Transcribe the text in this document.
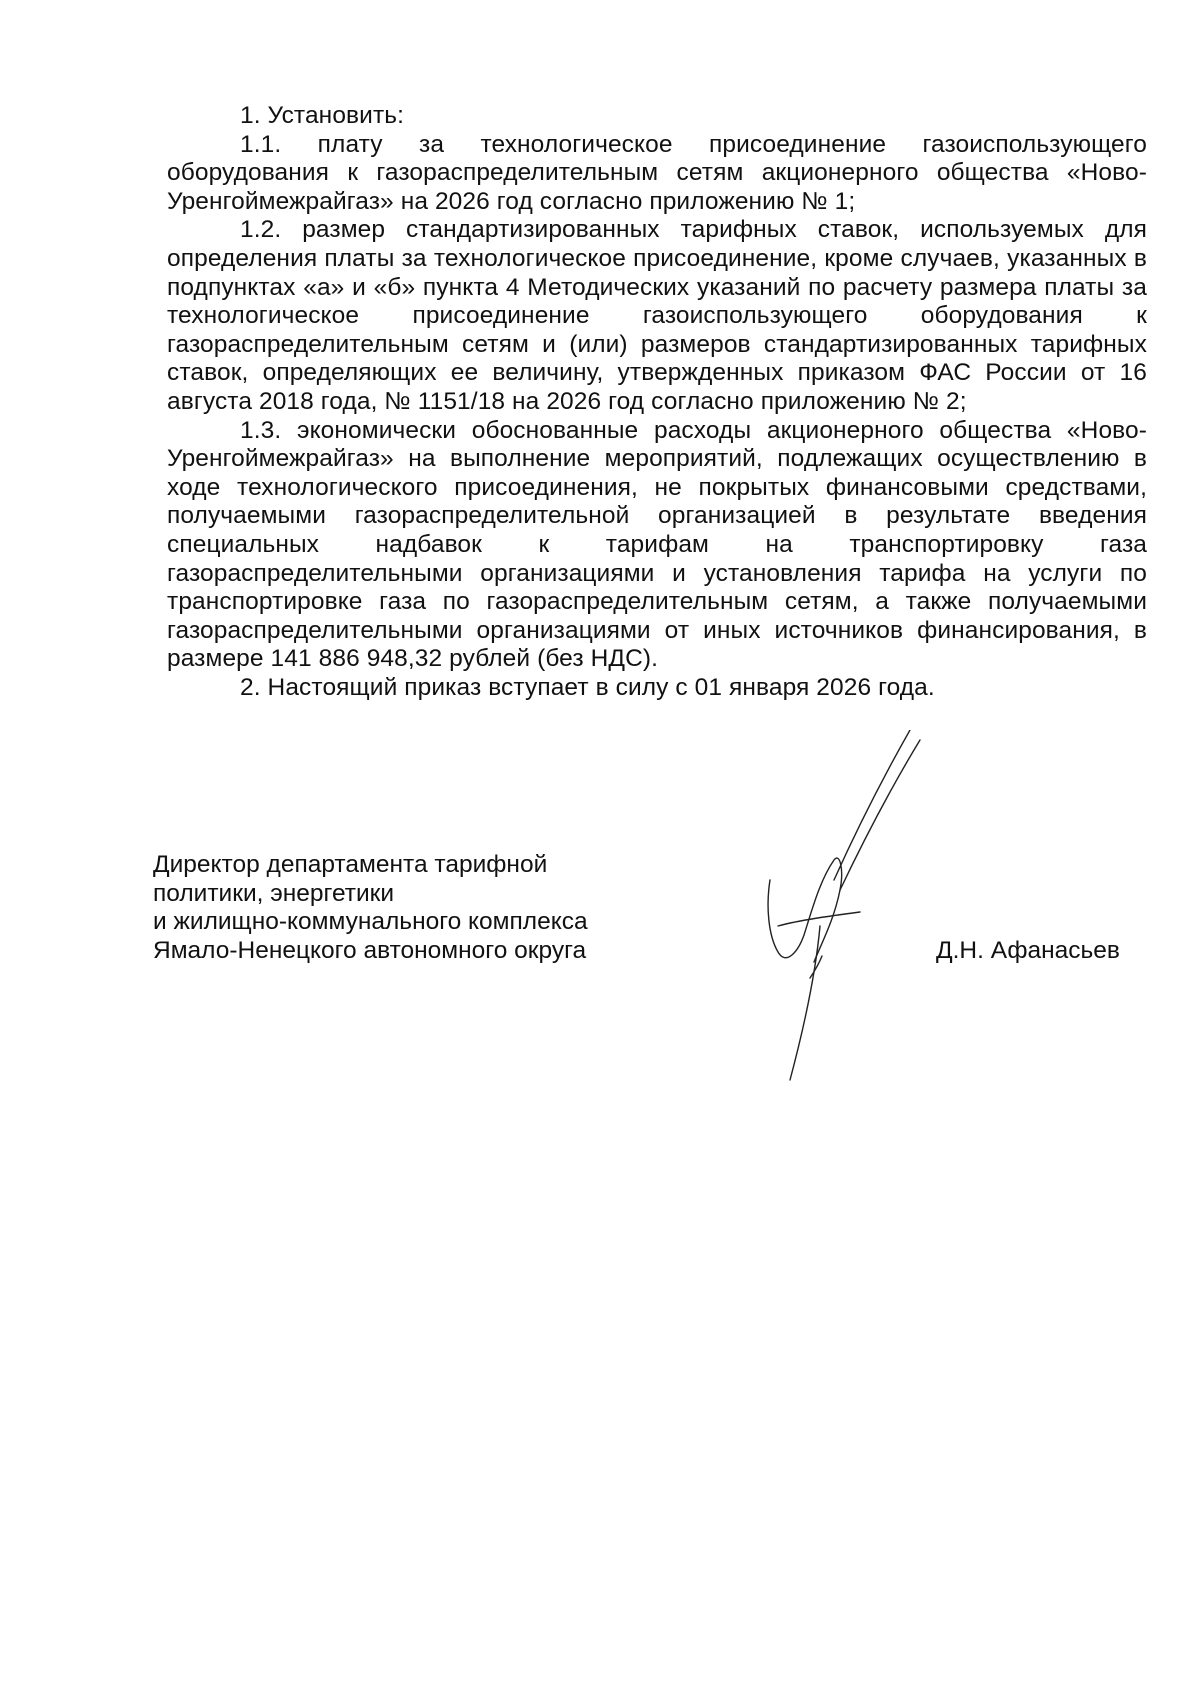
1. Установить:

1.1. плату за технологическое присоединение газоиспользующего оборудования к газораспределительным сетям акционерного общества «Ново-Уренгоймежрайгаз» на 2026 год согласно приложению № 1;

1.2. размер стандартизированных тарифных ставок, используемых для определения платы за технологическое присоединение, кроме случаев, указанных в подпунктах «а» и «б» пункта 4 Методических указаний по расчету размера платы за технологическое присоединение газоиспользующего оборудования к газораспределительным сетям и (или) размеров стандартизированных тарифных ставок, определяющих ее величину, утвержденных приказом ФАС России от 16 августа 2018 года, № 1151/18 на 2026 год согласно приложению № 2;

1.3. экономически обоснованные расходы акционерного общества «Ново-Уренгоймежрайгаз» на выполнение мероприятий, подлежащих осуществлению в ходе технологического присоединения, не покрытых финансовыми средствами, получаемыми газораспределительной организацией в результате введения специальных надбавок к тарифам на транспортировку газа газораспределительными организациями и установления тарифа на услуги по транспортировке газа по газораспределительным сетям, а также получаемыми газораспределительными организациями от иных источников финансирования, в размере 141 886 948,32 рублей (без НДС).

2. Настоящий приказ вступает в силу с 01 января 2026 года.

Директор департамента тарифной
политики, энергетики
и жилищно-коммунального комплекса
Ямало-Ненецкого автономного округа	Д.Н. Афанасьев
